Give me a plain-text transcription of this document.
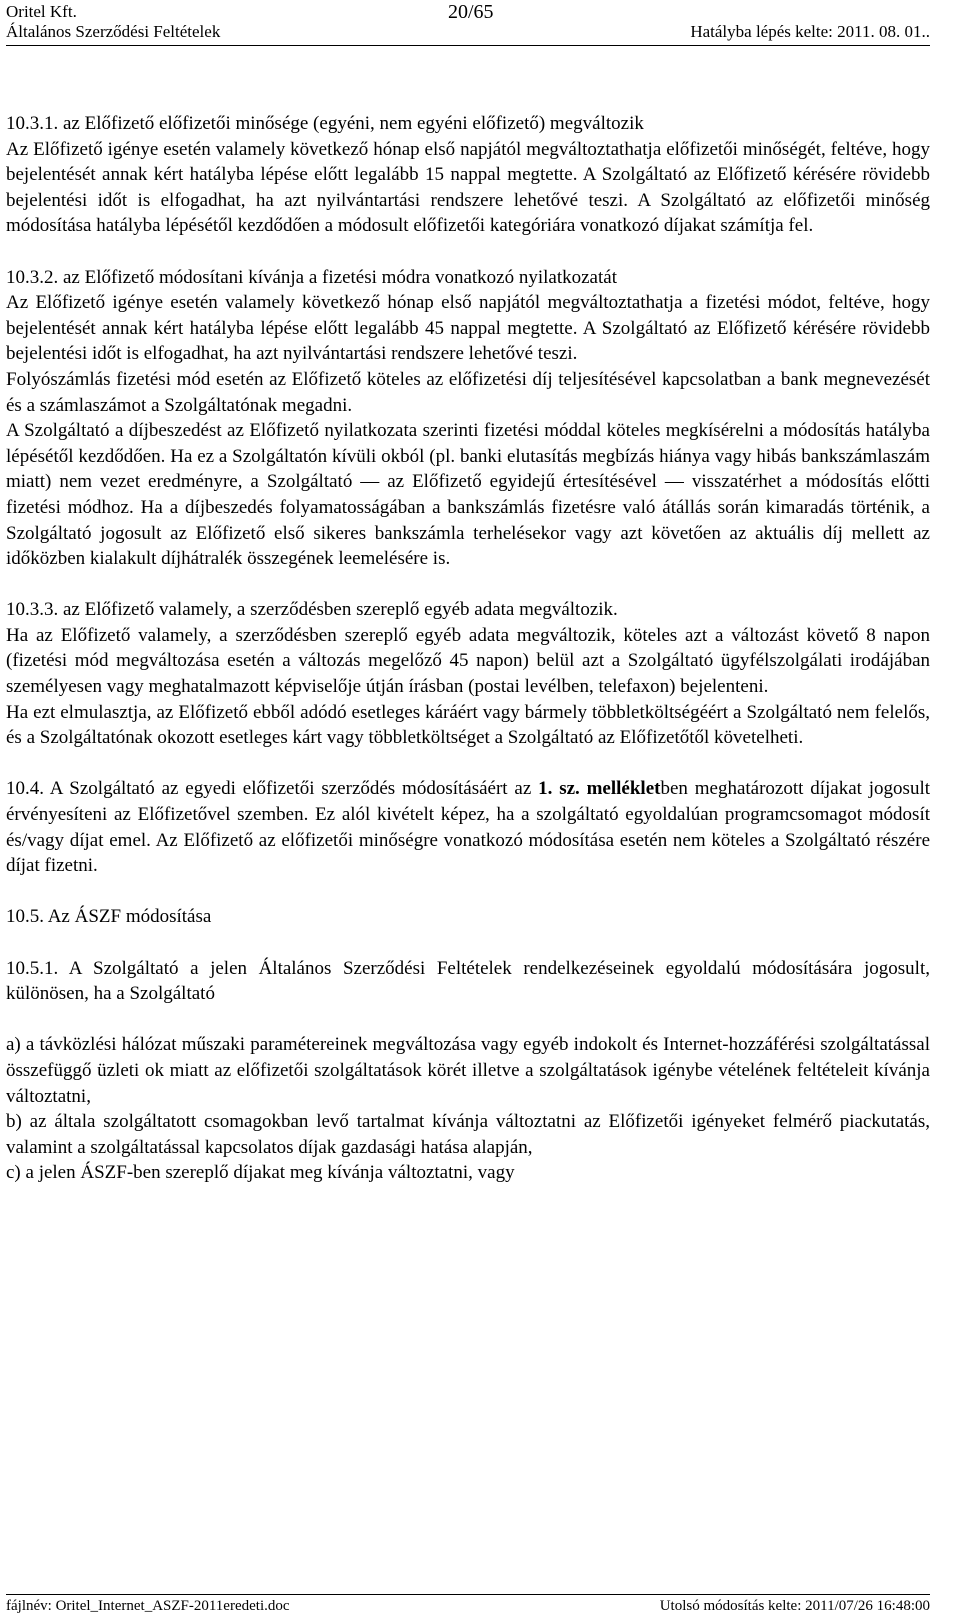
Oritel Kft.	20/65
Általános Szerződési Feltételek	Hatályba lépés kelte: 2011. 08. 01..

10.3.1. az Előfizető előfizetői minősége (egyéni, nem egyéni előfizető) megváltozik

Az Előfizető igénye esetén valamely következő hónap első napjától megváltoztathatja előfizetői minőségét, feltéve, hogy bejelentését annak kért hatályba lépése előtt legalább 15 nappal megtette. A Szolgáltató az Előfizető kérésére rövidebb bejelentési időt is elfogadhat, ha azt nyilvántartási rendszere lehetővé teszi. A Szolgáltató az előfizetői minőség módosítása hatályba lépésétől kezdődően a módosult előfizetői kategóriára vonatkozó díjakat számítja fel.

10.3.2. az Előfizető módosítani kívánja a fizetési módra vonatkozó nyilatkozatát

Az Előfizető igénye esetén valamely következő hónap első napjától megváltoztathatja a fizetési módot, feltéve, hogy bejelentését annak kért hatályba lépése előtt legalább 45 nappal megtette. A Szolgáltató az Előfizető kérésére rövidebb bejelentési időt is elfogadhat, ha azt nyilvántartási rendszere lehetővé teszi.

Folyószámlás fizetési mód esetén az Előfizető köteles az előfizetési díj teljesítésével kapcsolatban a bank megnevezését és a számlaszámot a Szolgáltatónak megadni.

A Szolgáltató a díjbeszedést az Előfizető nyilatkozata szerinti fizetési móddal köteles megkísérelni a módosítás hatályba lépésétől kezdődően. Ha ez a Szolgáltatón kívüli okból (pl. banki elutasítás megbízás hiánya vagy hibás bankszámlaszám miatt) nem vezet eredményre, a Szolgáltató — az Előfizető egyidejű értesítésével — visszatérhet a módosítás előtti fizetési módhoz. Ha a díjbeszedés folyamatosságában a bankszámlás fizetésre való átállás során kimaradás történik, a Szolgáltató jogosult az Előfizető első sikeres bankszámla terhelésekor vagy azt követően az aktuális díj mellett az időközben kialakult díjhátralék összegének leemelésére is.

10.3.3. az Előfizető valamely, a szerződésben szereplő egyéb adata megváltozik.

Ha az Előfizető valamely, a szerződésben szereplő egyéb adata megváltozik, köteles azt a változást követő 8 napon (fizetési mód megváltozása esetén a változás megelőző 45 napon) belül azt a Szolgáltató ügyfélszolgálati irodájában személyesen vagy meghatalmazott képviselője útján írásban (postai levélben, telefaxon) bejelenteni.

Ha ezt elmulasztja, az Előfizető ebből adódó esetleges káráért vagy bármely többletköltségéért a Szolgáltató nem felelős, és a Szolgáltatónak okozott esetleges kárt vagy többletköltséget a Szolgáltató az Előfizetőtől követelheti.

10.4. A Szolgáltató az egyedi előfizetői szerződés módosításáért az 1. sz. mellékletben meghatározott díjakat jogosult érvényesíteni az Előfizetővel szemben. Ez alól kivételt képez, ha a szolgáltató egyoldalúan programcsomagot módosít és/vagy díjat emel. Az Előfizető az előfizetői minőségre vonatkozó módosítása esetén nem köteles a Szolgáltató részére díjat fizetni.

10.5. Az ÁSZF módosítása

10.5.1. A Szolgáltató a jelen Általános Szerződési Feltételek rendelkezéseinek egyoldalú módosítására jogosult, különösen, ha a Szolgáltató

a) a távközlési hálózat műszaki paramétereinek megváltozása vagy egyéb indokolt és Internet-hozzáférési szolgáltatással összefüggő üzleti ok miatt az előfizetői szolgáltatások körét illetve a szolgáltatások igénybe vételének feltételeit kívánja változtatni,

b) az általa szolgáltatott csomagokban levő tartalmat kívánja változtatni az Előfizetői igényeket felmérő piackutatás, valamint a szolgáltatással kapcsolatos díjak gazdasági hatása alapján,

c) a jelen ÁSZF-ben szereplő díjakat meg kívánja változtatni, vagy

fájlnév: Oritel_Internet_ASZF-2011eredeti.doc	Utolsó módosítás kelte: 2011/07/26 16:48:00
